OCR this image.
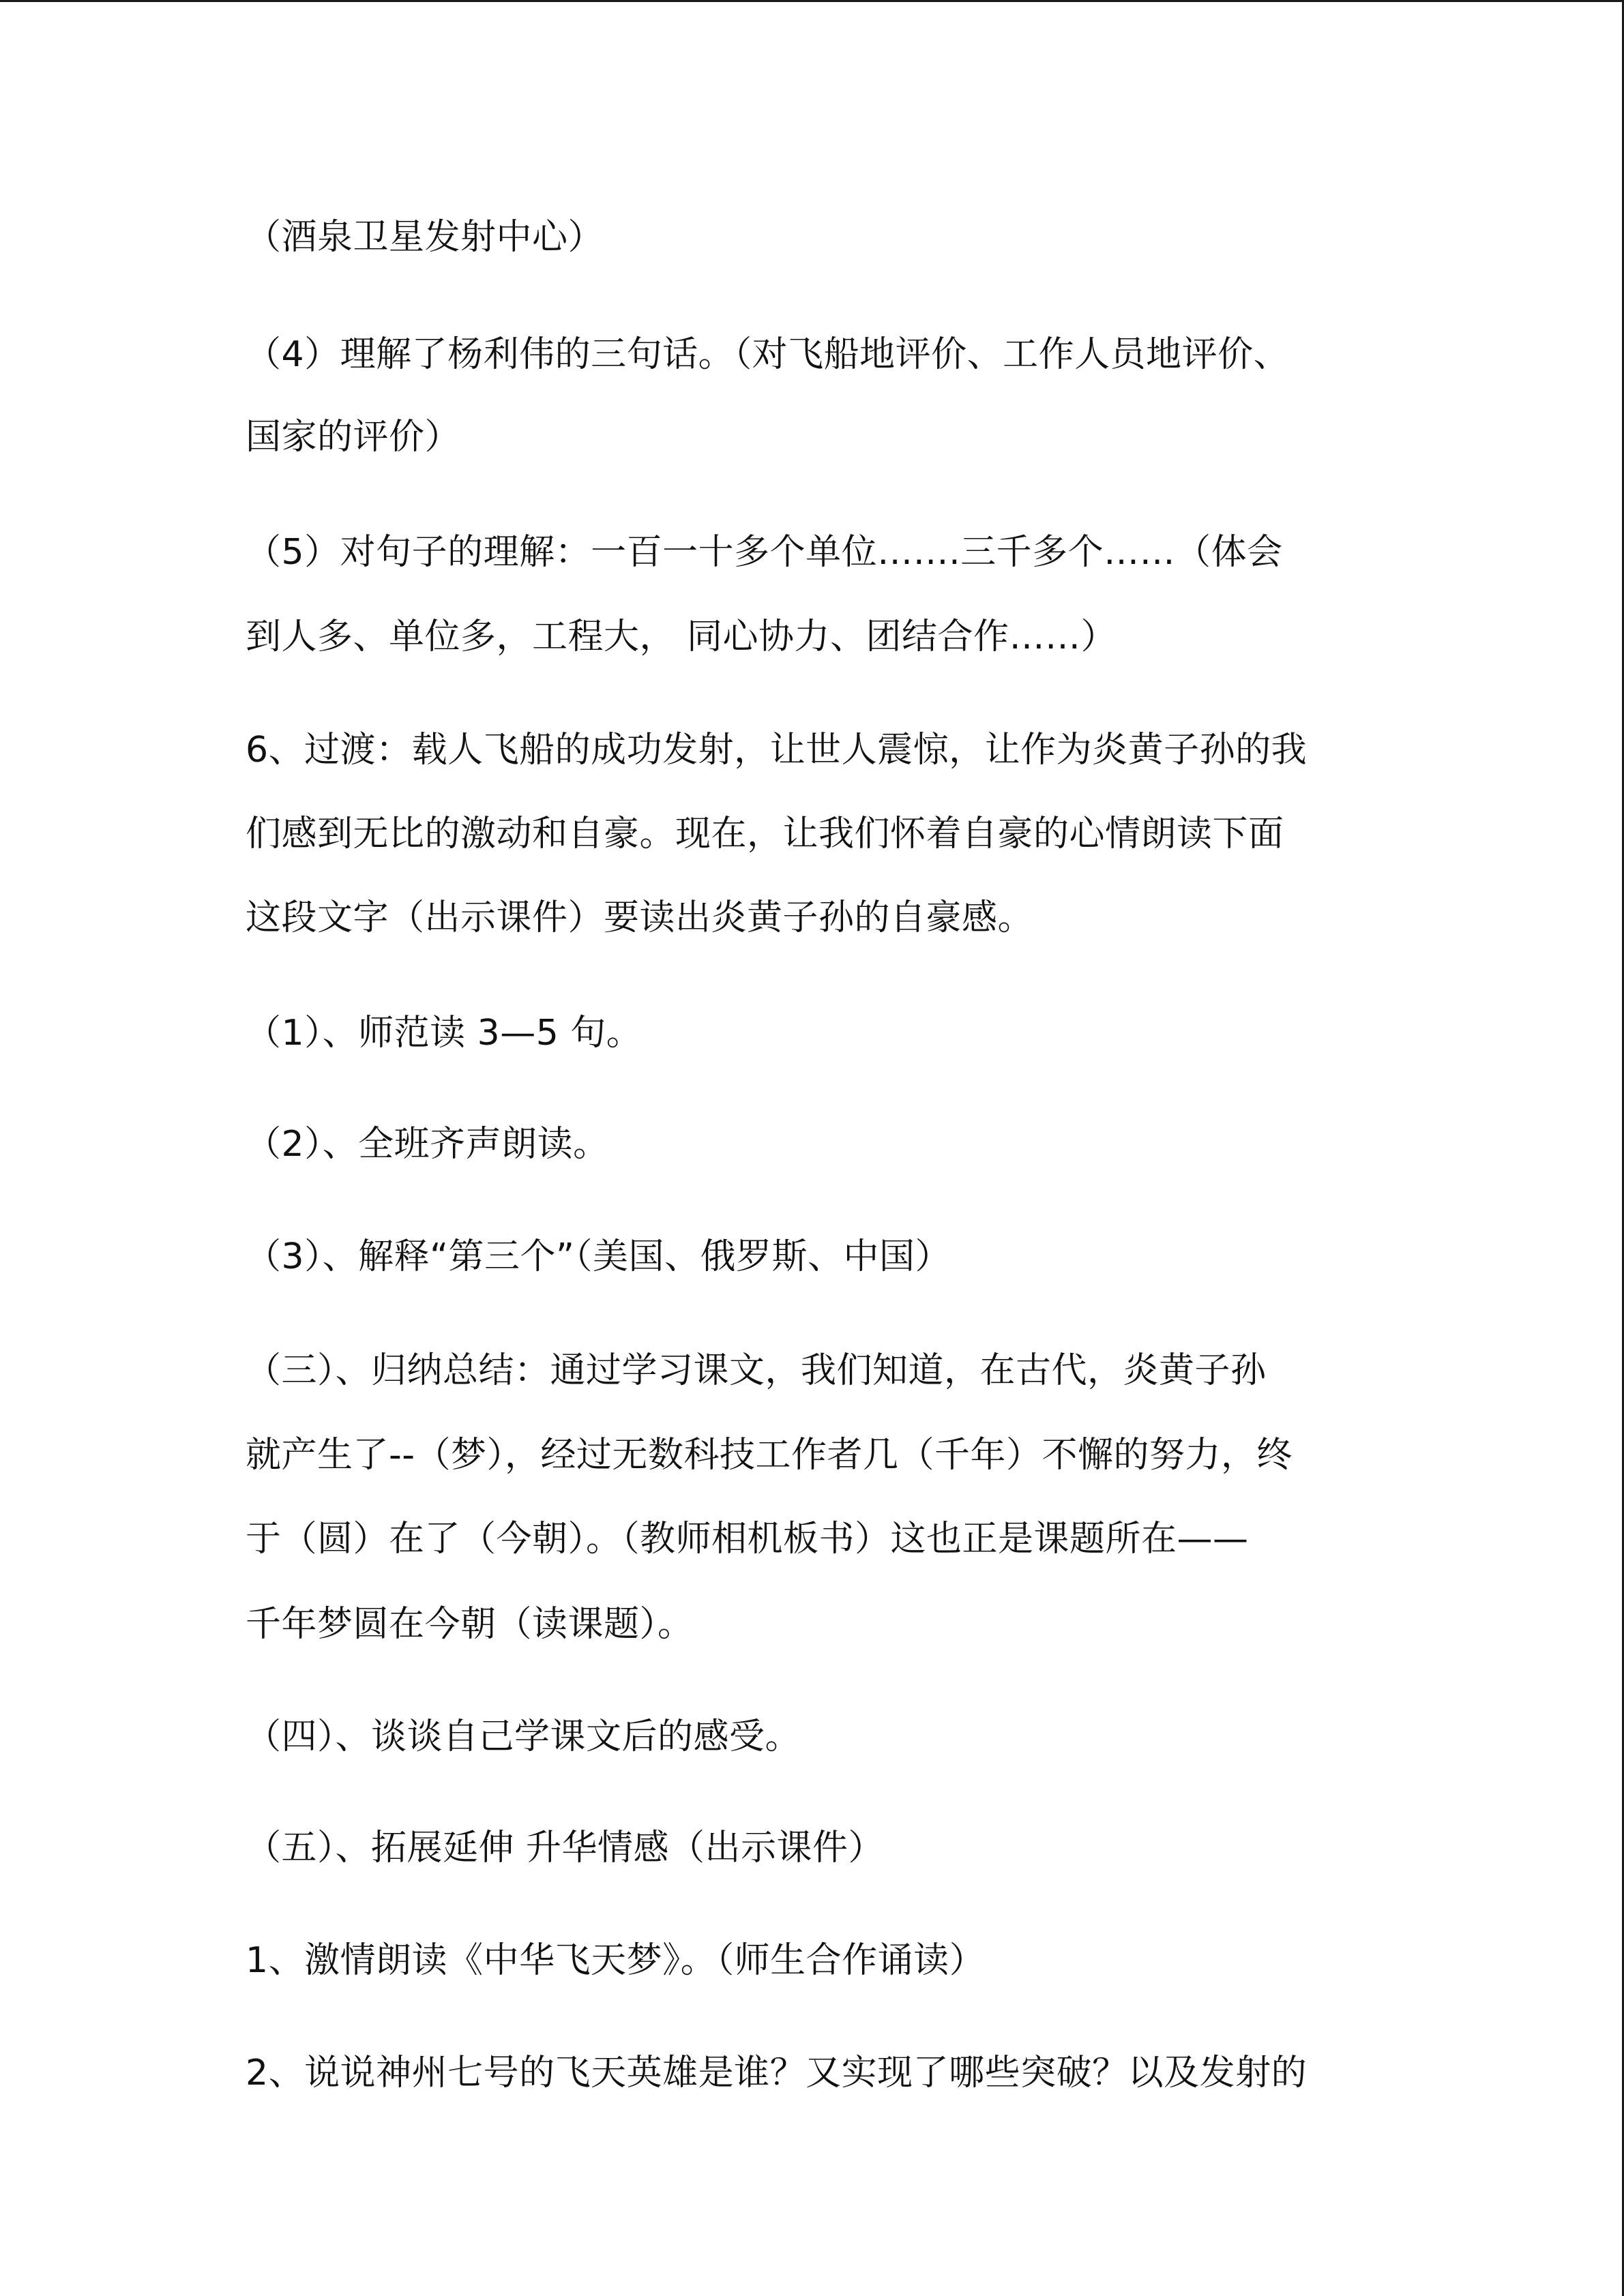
（酒泉卫星发射中心）

（4）理解了杨利伟的三句话。（对飞船地评价、工作人员地评价、

国家的评价）

（5）对句子的理解：一百一十多个单位…….三千多个……（体会

到人多、单位多，工程大， 同心协力、团结合作……）

6、过渡：载人飞船的成功发射，让世人震惊，让作为炎黄子孙的我

们感到无比的激动和自豪。现在，让我们怀着自豪的心情朗读下面

这段文字（出示课件）要读出炎黄子孙的自豪感。

（1）、师范读 3—5 句。

（2）、全班齐声朗读。

（3）、解释“第三个”（美国、俄罗斯、中国）

（三）、归纳总结：通过学习课文，我们知道，在古代，炎黄子孙

就产生了--（梦），经过无数科技工作者几（千年）不懈的努力，终

于（圆）在了（今朝）。（教师相机板书）这也正是课题所在——

千年梦圆在今朝（读课题）。

（四）、谈谈自己学课文后的感受。

（五）、拓展延伸 升华情感（出示课件）

1、激情朗读《中华飞天梦》。（师生合作诵读）

2、说说神州七号的飞天英雄是谁？又实现了哪些突破？以及发射的
